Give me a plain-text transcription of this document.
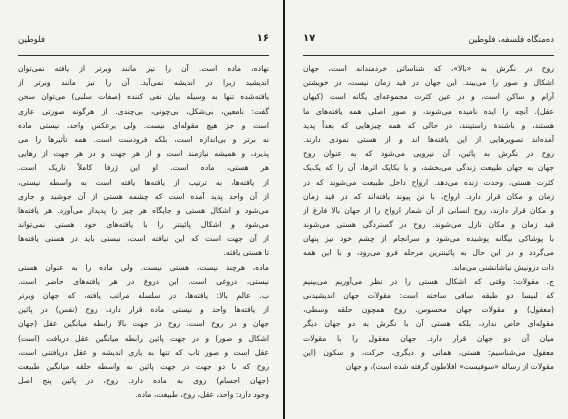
فلوطین	۱۶
نهاده، ماده است. آن را نیز مانند وبرتر از یافته نمی‌توان
اندیشید زیرا در اندیشه نمی‌آید. آن را نیز مانند وبرتر از
یافته‌شده تنها به وسیله بیان نفی کننده (صفات سلبی) می‌توان سخن
گفت: نامعین، بی‌شکل، بی‌چونی، بی‌چندی. از هرگونه صورتی عاری
است و جز هیچ مقوله‌ای نیست. ولی برعکس واحد، نیستی ماده
نه برتر و بی‌اندازه است، بلکه فرودست است. همه تأثیرها را می‌
پذیرد، و همیشه نیازمند است و از هر جهت و در هر جهت از رهایی
هر هستی، ماده است. او این ژرفا کاملاً تاریک است.
از یافته‌ها، به ترتیب از یافته‌ها یافته است به واسطه نیستی،
از آن واحد پدید آمده است که چشمه هستی از آن جوشید و جاری
می‌شود و اشکال هستی و جایگاه هر چیز را پدیدار می‌آورد. هر یافته‌ها
می‌شود و اشکال پائینتر را با یافته‌های خود هستی نمی‌تواند
از آن جهت است که این نیافته است، نیستی باید در هستی یافته‌ها
تا هستی یافته.
ماده، هرچند نیست، هستی نیست. ولی ماده را به عنوان هستی
نیستی، دروغی است. این دروغ در هر یافته‌های حاضر است.
ب. عالم بالا: یافته‌ها، در سلسله مراتب یافته، که جهان وبرتر
از یافته‌ها واحد و نیستی ماده قرار دارد، روح (نفس) در پائین
جهان و در روح است. روح در جهت بالا رابطه میانگین عقل (جهان
اشکال و صور) و در جهت پائین رابطه میانگین عقل دریافت (است)
عقل است و صور تاب که تنها به یاری اندیشه و عقل دریافتنی است،
روح که با دو جهت در جهت پائین به واسطه حلقه میانگین طبیعت
(جهان اجسام) روی به ماده دارد. روح، در پائین پنج اصل
وجود دارد: واحد، عقل، روح، طبیعت، ماده.
ده‌منگاه فلسفه، فلوطین
۱۷
روح در نگرش به «بالا»، که شناسائی خردمندانه است، جهان
اشکال و صور را می‌بیند. این جهان در قید زمان نیست، در خویشتن
آرام و ساکن است، و در عین کثرت مجموعه‌ای یگانه است (کیهان
عقل). آنچه را ایده نامیده می‌شوند، و صور اصلی همه یافته‌های ما
هستند، و باشندۀ راستینند، در حالی که همه چیزهایی که بعداً پدید
آمده‌اند تصویرهایی از این یافته‌ها اند و از هستی نمودی دارند.
روح در نگرش به پائین، آن نیرویی می‌شود که به عنوان روح
جهان به جهان طبیعت زندگی می‌بخشد، و با یکایک اثرها، آن را که یک‌یک
کثرت هستی، وحدت زنده می‌دهد. ارواح داخل طبیعت می‌شوند که در
زمان و مکان قرار دارد. ارواح، با تن پیوند یافته‌اند که در قید زمان
و مکان قرار دارند، روح انسانی از آن شمار ارواح را از جهان بالا فارغ از
قید زمان و مکان نازل می‌شوند. روح در گستردگی هستی می‌شوند
با پوشاکی بیگانه پوشیده می‌شود و سرانجام از چشم خود نیز پنهان
می‌گردد و در این حال به پائینترین مرحله فرو می‌رود، و با این همه
ذات درونیش نیاشانشنی می‌ماند.
ج. مقولات: وقتی که اشکال هستی را در نظر می‌آوریم می‌بینیم
که لبیسا دو طبقه سافی ساخته است: مقولات جهان اندیشیدنی
(معقول) و مقولات جهان محسوس. روح همچون حلقه وسطی،
مقوله‌ای خاص ندارد، بلکه هستی آن با نگرش به دو جهان دیگر
میان آن دو جهان قرار دارد. جهان معقول را با مقولات
معقول می‌شناسیم: هستی، همانی و دیگری، حرکت، و سکون (این
مقولات از رساله «سوفیست» افلاطون گرفته شده است)، و جهان
